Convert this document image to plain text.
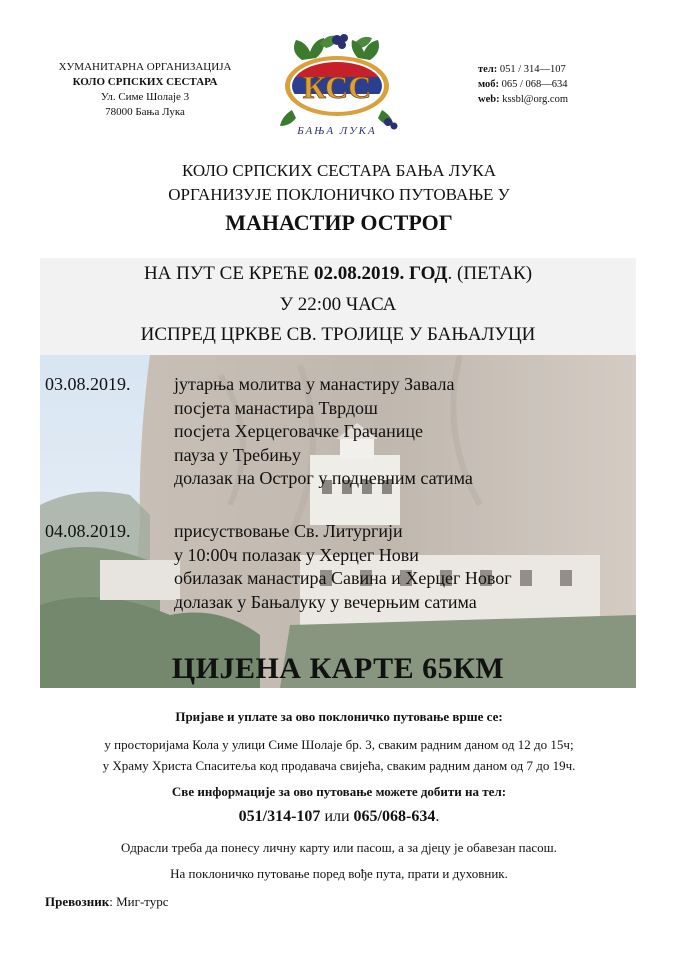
ХУМАНИТАРНА ОРГАНИЗАЦИЈА
КОЛО СРПСКИХ СЕСТАРА
Ул. Симе Шолаје 3
78000 Бања Лука
КСС
БАЊА ЛУКА
тел: 051 / 314—107
моб: 065 / 068—634
web: kssbl@org.com
КОЛО СРПСКИХ СЕСТАРА БАЊА ЛУКА
ОРГАНИЗУЈЕ ПОКЛОНИЧКО ПУТОВАЊЕ У
МАНАСТИР ОСТРОГ
НА ПУТ СЕ КРЕЋЕ 02.08.2019. ГОД. (ПЕТАК)
У 22:00 ЧАСА
ИСПРЕД ЦРКВЕ СВ. ТРОЈИЦЕ У БАЊАЛУЦИ
03.08.2019. јутарња молитва у манастиру Завала
посјета манастира Тврдош
посјета Херцеговачке Грачанице
пауза у Требињу
долазак на Острог у подневним сатима
04.08.2019. присуствовање Св. Литургији
у 10:00ч полазак у Херцег Нови
обилазак манастира Савина и Херцег Новог
долазак у Бањалуку у вечерњим сатима
ЦИЈЕНА КАРТЕ 65КМ
Пријаве и уплате за ово поклоничко путовање врше се:
у просторијама Кола у улици Симе Шолаје бр. 3, сваким радним даном од 12 до 15ч;
у Храму Христа Спаситеља код продавача свијећа, сваким радним даном од 7 до 19ч.
Све информације за ово путовање можете добити на тел:
051/314-107 или 065/068-634.
Одрасли треба да понесу личну карту или пасош, а за дјецу је обавезан пасош.
На поклоничко путовање поред вође пута, прати и духовник.
Превозник: Миг-турс
